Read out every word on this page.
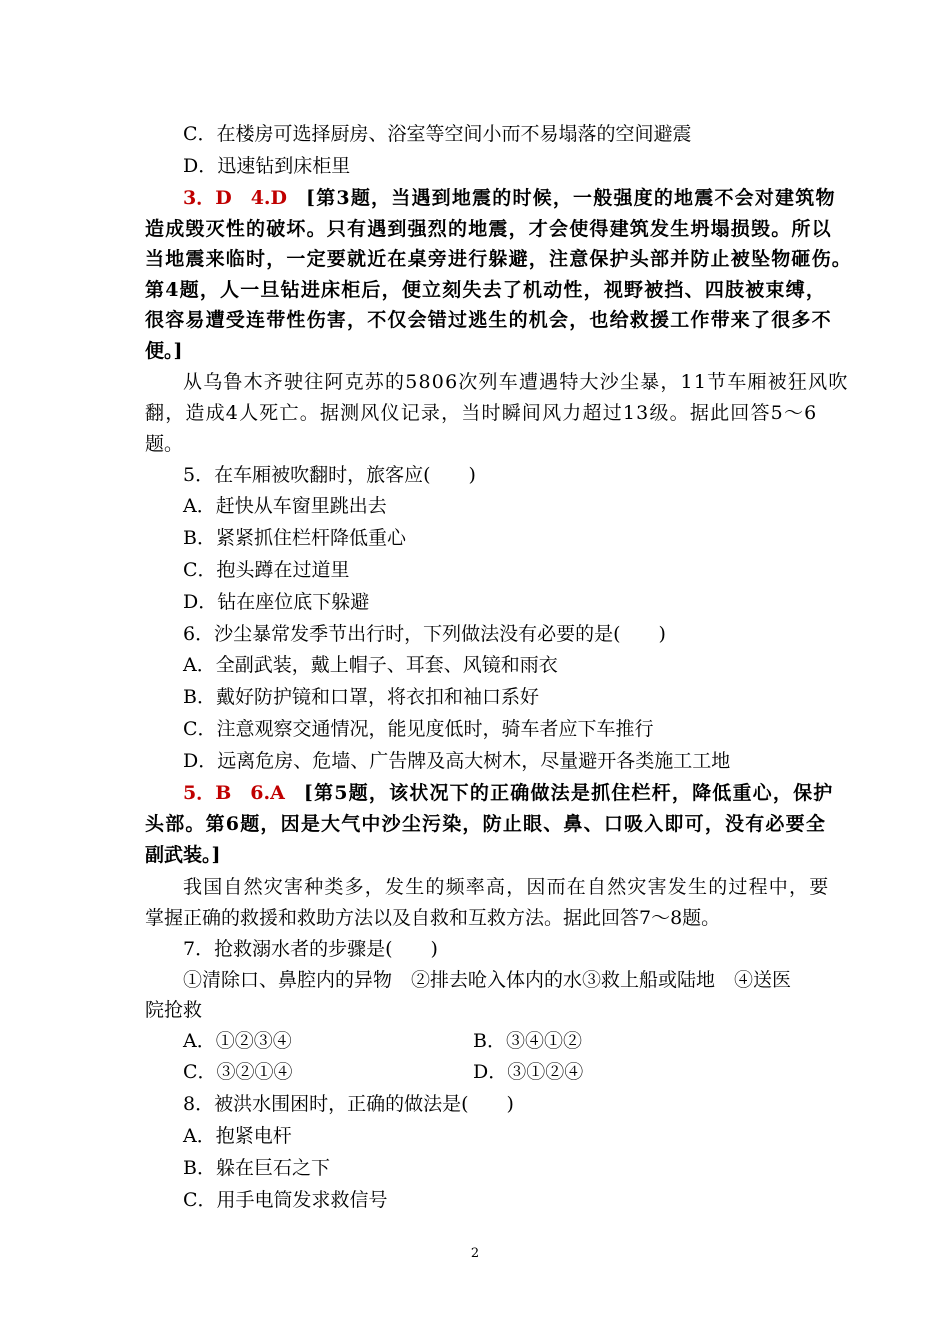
C．在楼房可选择厨房、浴室等空间小而不易塌落的空间避震
D．迅速钻到床柜里
3．D　4.D　 [第3题，当遇到地震的时候，一般强度的地震不会对建筑物
造成毁灭性的破坏。只有遇到强烈的地震，才会使得建筑发生坍塌损毁。所以
当地震来临时，一定要就近在桌旁进行躲避，注意保护头部并防止被坠物砸伤。
第4题，人一旦钻进床柜后，便立刻失去了机动性，视野被挡、四肢被束缚，
很容易遭受连带性伤害，不仅会错过逃生的机会，也给救援工作带来了很多不
便。]
从乌鲁木齐驶往阿克苏的5806次列车遭遇特大沙尘暴，11节车厢被狂风吹
翻，造成4人死亡。据测风仪记录，当时瞬间风力超过13级。据此回答5～6
题。
5．在车厢被吹翻时，旅客应(　　)
A．赶快从车窗里跳出去
B．紧紧抓住栏杆降低重心
C．抱头蹲在过道里
D．钻在座位底下躲避
6．沙尘暴常发季节出行时，下列做法没有必要的是(　　)
A．全副武装，戴上帽子、耳套、风镜和雨衣
B．戴好防护镜和口罩，将衣扣和袖口系好
C．注意观察交通情况，能见度低时，骑车者应下车推行
D．远离危房、危墙、广告牌及高大树木，尽量避开各类施工工地
5．B　6.A　 [第5题，该状况下的正确做法是抓住栏杆，降低重心，保护
头部。第6题，因是大气中沙尘污染，防止眼、鼻、口吸入即可，没有必要全
副武装。]
我国自然灾害种类多，发生的频率高，因而在自然灾害发生的过程中，要
掌握正确的救援和救助方法以及自救和互救方法。据此回答7～8题。
7．抢救溺水者的步骤是(　　)
①清除口、鼻腔内的异物　②排去呛入体内的水③救上船或陆地　④送医
院抢救
A．①②③④	B．③④①②
C．③②①④	D．③①②④
8．被洪水围困时，正确的做法是(　　)
A．抱紧电杆
B．躲在巨石之下
C．用手电筒发求救信号
2
